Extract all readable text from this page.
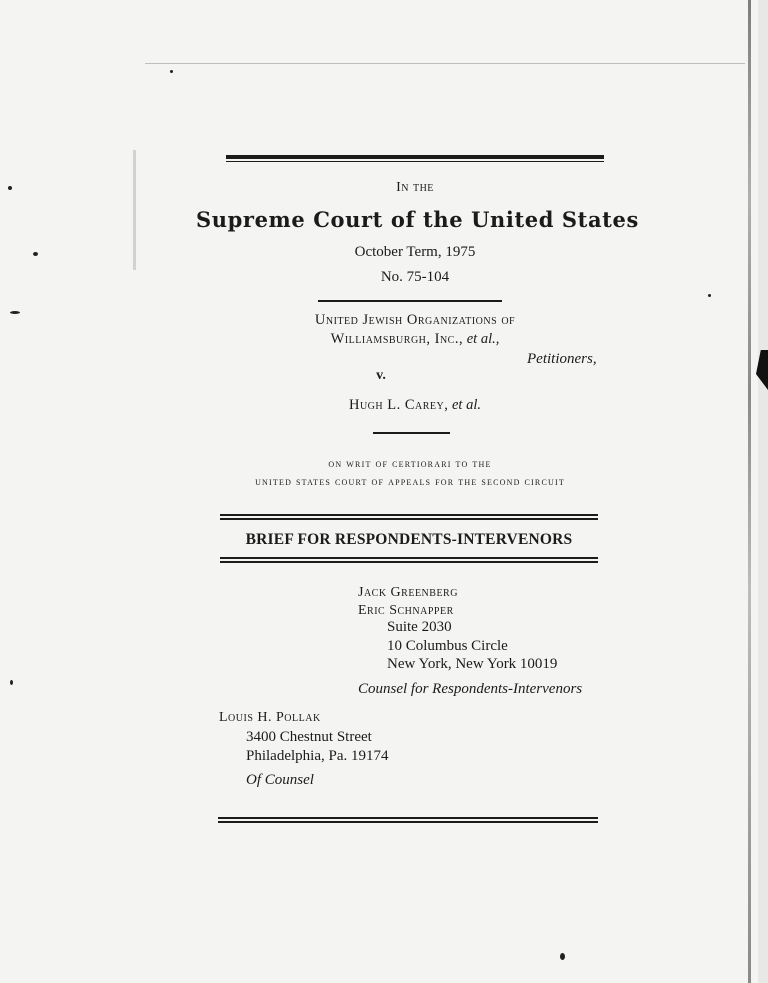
In the
Supreme Court of the United States
October Term, 1975
No. 75-104
United Jewish Organizations of
Williamsburgh, Inc., et al.,
Petitioners,
v.
Hugh L. Carey, et al.
on writ of certiorari to the
united states court of appeals for the second circuit
BRIEF FOR RESPONDENTS-INTERVENORS
Jack Greenberg
Eric Schnapper
Suite 2030
10 Columbus Circle
New York, New York 10019
Counsel for Respondents-Intervenors
Louis H. Pollak
3400 Chestnut Street
Philadelphia, Pa. 19174
Of Counsel
